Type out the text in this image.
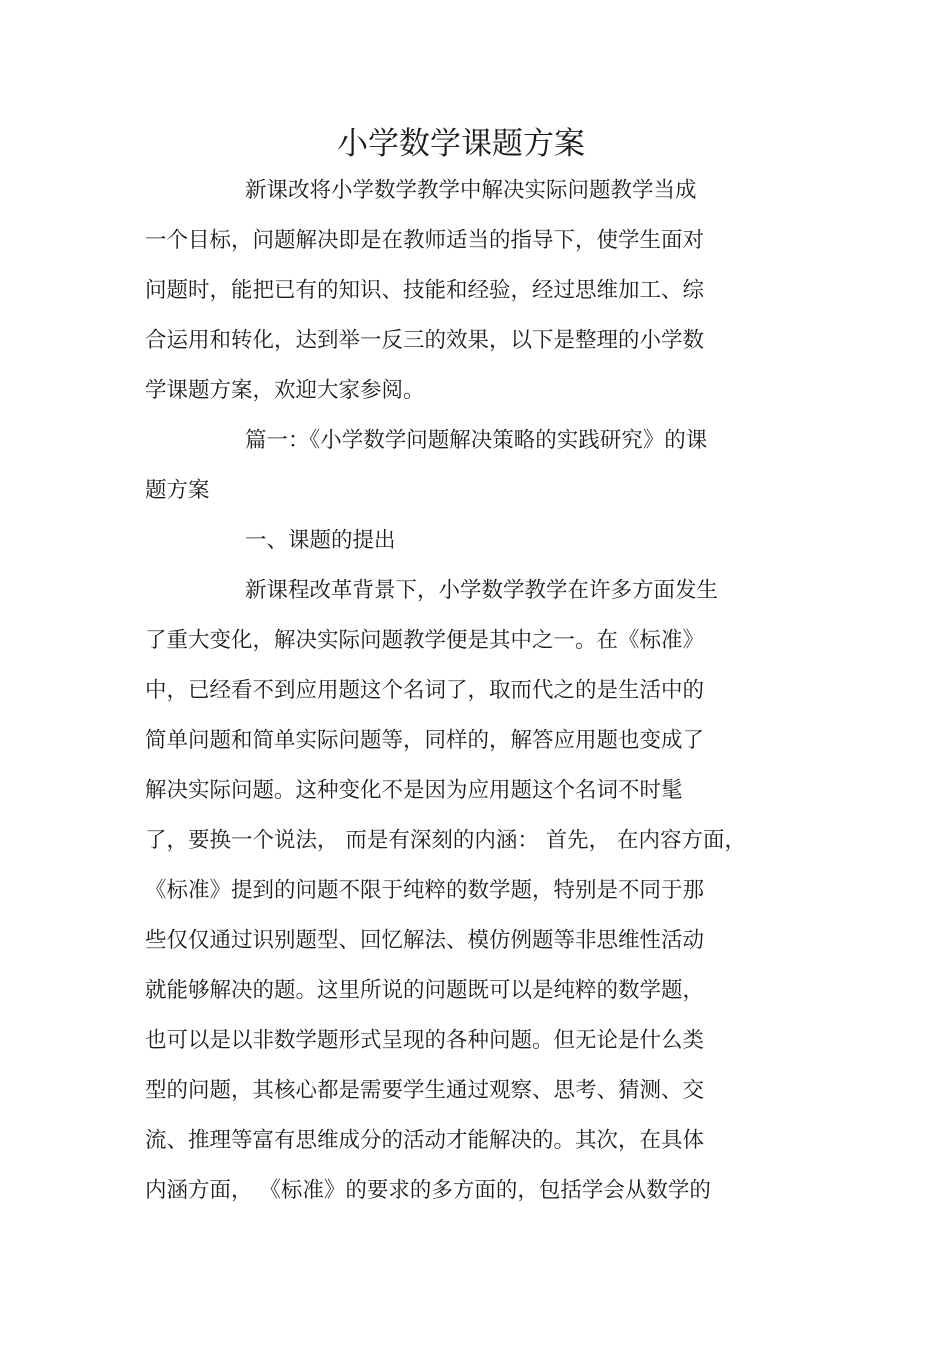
小学数学课题方案
新课改将小学数学教学中解决实际问题教学当成
一个目标，问题解决即是在教师适当的指导下，使学生面对
问题时，能把已有的知识、技能和经验，经过思维加工、综
合运用和转化，达到举一反三的效果，以下是整理的小学数
学课题方案，欢迎大家参阅。
篇一：《小学数学问题解决策略的实践研究》的课
题方案
一、课题的提出
新课程改革背景下，小学数学教学在许多方面发生
了重大变化，解决实际问题教学便是其中之一。在《标准》
中，已经看不到应用题这个名词了，取而代之的是生活中的
简单问题和简单实际问题等，同样的，解答应用题也变成了
解决实际问题。这种变化不是因为应用题这个名词不时髦
了，要换一个说法， 而是有深刻的内涵： 首先， 在内容方面，
《标准》提到的问题不限于纯粹的数学题，特别是不同于那
些仅仅通过识别题型、回忆解法、模仿例题等非思维性活动
就能够解决的题。这里所说的问题既可以是纯粹的数学题，
也可以是以非数学题形式呈现的各种问题。但无论是什么类
型的问题，其核心都是需要学生通过观察、思考、猜测、交
流、推理等富有思维成分的活动才能解决的。其次，在具体
内涵方面， 《标准》的要求的多方面的，包括学会从数学的
